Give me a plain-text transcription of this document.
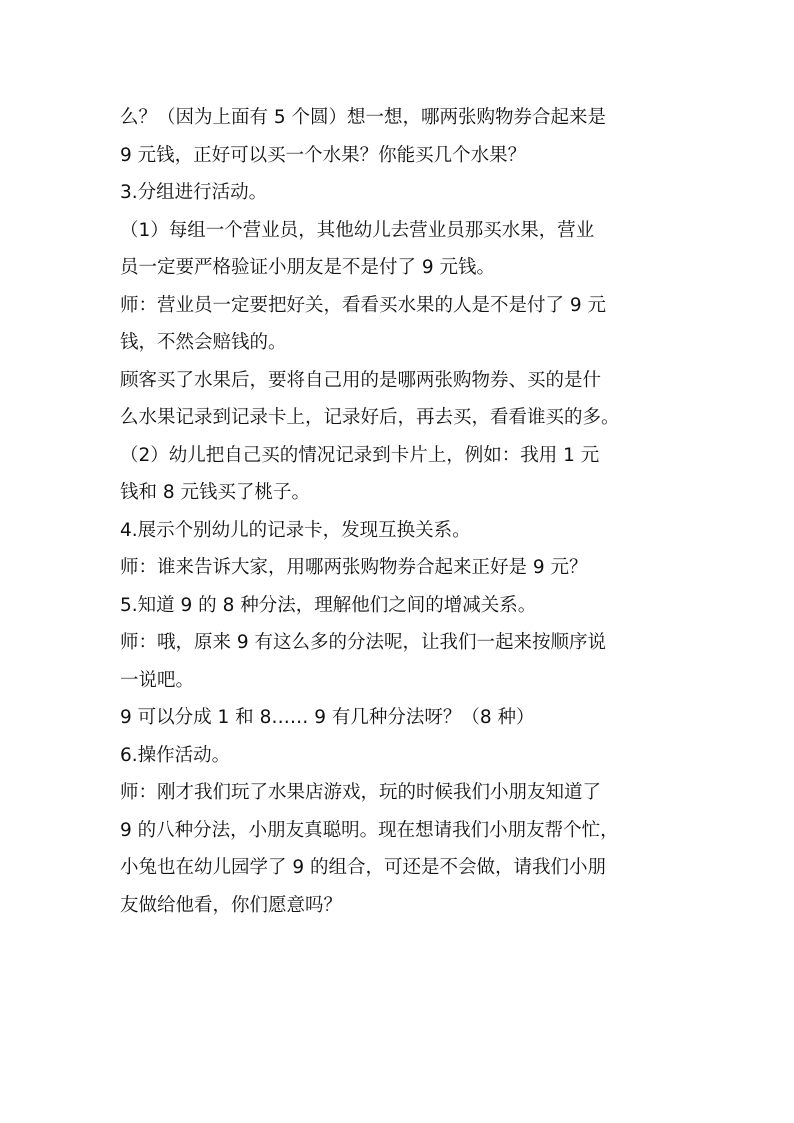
么？（因为上面有 5 个圆）想一想，哪两张购物券合起来是
9 元钱，正好可以买一个水果？你能买几个水果？
3.分组进行活动。
（1）每组一个营业员，其他幼儿去营业员那买水果，营业
员一定要严格验证小朋友是不是付了 9 元钱。
师：营业员一定要把好关，看看买水果的人是不是付了 9 元
钱，不然会赔钱的。
顾客买了水果后，要将自己用的是哪两张购物券、买的是什
么水果记录到记录卡上，记录好后，再去买，看看谁买的多。
（2）幼儿把自己买的情况记录到卡片上，例如：我用 1 元
钱和 8 元钱买了桃子。
4.展示个别幼儿的记录卡，发现互换关系。
师：谁来告诉大家，用哪两张购物券合起来正好是 9 元？
5.知道 9 的 8 种分法，理解他们之间的增减关系。
师：哦，原来 9 有这么多的分法呢，让我们一起来按顺序说
一说吧。
9 可以分成 1 和 8…… 9 有几种分法呀？（8 种）
6.操作活动。
师：刚才我们玩了水果店游戏，玩的时候我们小朋友知道了
9 的八种分法，小朋友真聪明。现在想请我们小朋友帮个忙，
小兔也在幼儿园学了 9 的组合，可还是不会做，请我们小朋
友做给他看，你们愿意吗？
